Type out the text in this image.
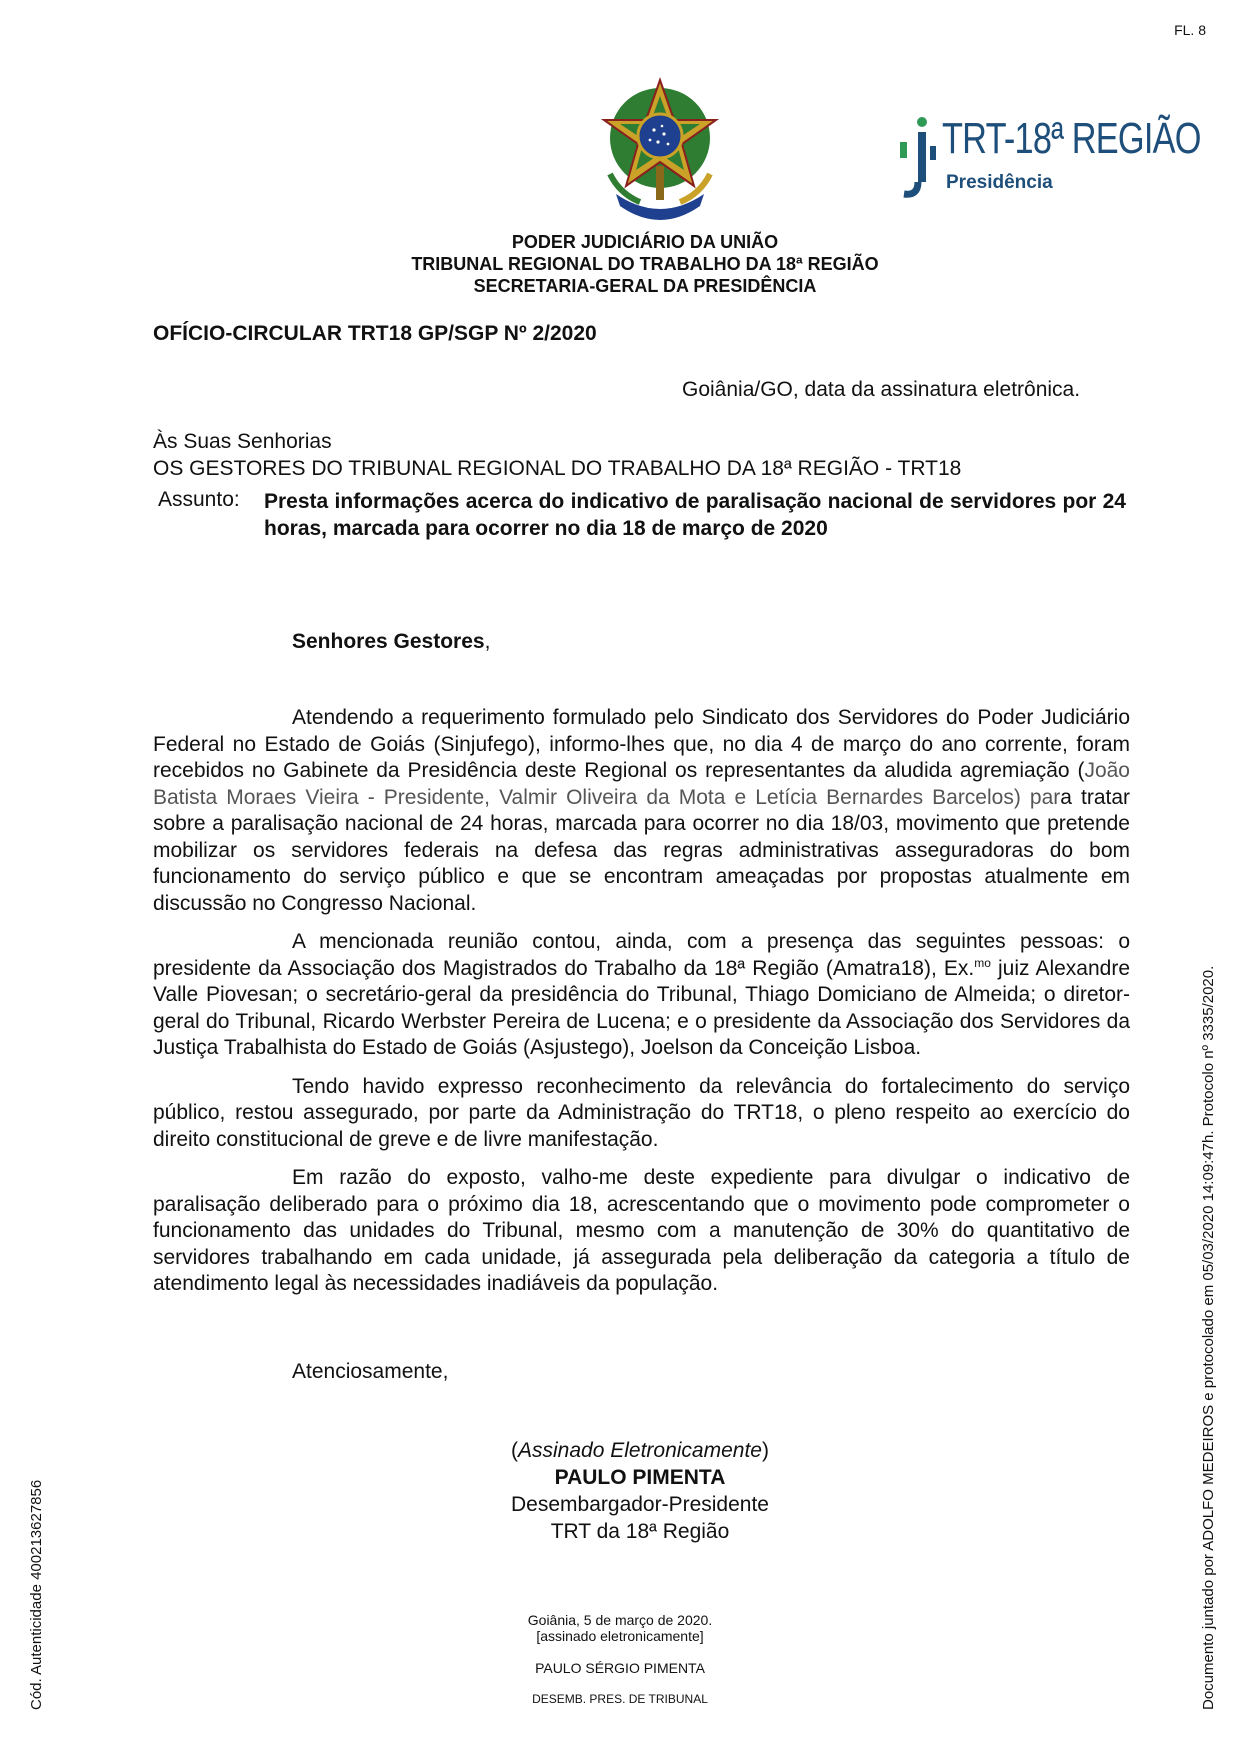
FL. 8
TRT-18ª REGIÃO
Presidência
PODER JUDICIÁRIO DA UNIÃO
TRIBUNAL REGIONAL DO TRABALHO DA 18ª REGIÃO
SECRETARIA-GERAL DA PRESIDÊNCIA
OFÍCIO-CIRCULAR TRT18 GP/SGP Nº 2/2020
Goiânia/GO, data da assinatura eletrônica.
Às Suas Senhorias
OS GESTORES DO TRIBUNAL REGIONAL DO TRABALHO DA 18ª REGIÃO - TRT18
Assunto: Presta informações acerca do indicativo de paralisação nacional de servidores por 24 horas, marcada para ocorrer no dia 18 de março de 2020
Senhores Gestores,

Atendendo a requerimento formulado pelo Sindicato dos Servidores do Poder Judiciário Federal no Estado de Goiás (Sinjufego), informo-lhes que, no dia 4 de março do ano corrente, foram recebidos no Gabinete da Presidência deste Regional os representantes da aludida agremiação (João Batista Moraes Vieira - Presidente, Valmir Oliveira da Mota e Letícia Bernardes Barcelos) para tratar sobre a paralisação nacional de 24 horas, marcada para ocorrer no dia 18/03, movimento que pretende mobilizar os servidores federais na defesa das regras administrativas asseguradoras do bom funcionamento do serviço público e que se encontram ameaçadas por propostas atualmente em discussão no Congresso Nacional.

A mencionada reunião contou, ainda, com a presença das seguintes pessoas: o presidente da Associação dos Magistrados do Trabalho da 18ª Região (Amatra18), Ex.$^{mo}$ juiz Alexandre Valle Piovesan; o secretário-geral da presidência do Tribunal, Thiago Domiciano de Almeida; o diretor-geral do Tribunal, Ricardo Werbster Pereira de Lucena; e o presidente da Associação dos Servidores da Justiça Trabalhista do Estado de Goiás (Asjustego), Joelson da Conceição Lisboa.

Tendo havido expresso reconhecimento da relevância do fortalecimento do serviço público, restou assegurado, por parte da Administração do TRT18, o pleno respeito ao exercício do direito constitucional de greve e de livre manifestação.

Em razão do exposto, valho-me deste expediente para divulgar o indicativo de paralisação deliberado para o próximo dia 18, acrescentando que o movimento pode comprometer o funcionamento das unidades do Tribunal, mesmo com a manutenção de 30% do quantitativo de servidores trabalhando em cada unidade, já assegurada pela deliberação da categoria a título de atendimento legal às necessidades inadiáveis da população.

Atenciosamente,
(Assinado Eletronicamente)
PAULO PIMENTA
Desembargador-Presidente
TRT da 18ª Região
Goiânia, 5 de março de 2020.
[assinado eletronicamente]
PAULO SÉRGIO PIMENTA
DESEMB. PRES. DE TRIBUNAL
Cód. Autenticidade 400213627856	Documento juntado por ADOLFO MEDEIROS e protocolado em 05/03/2020 14:09:47h. Protocolo nº 3335/2020.
